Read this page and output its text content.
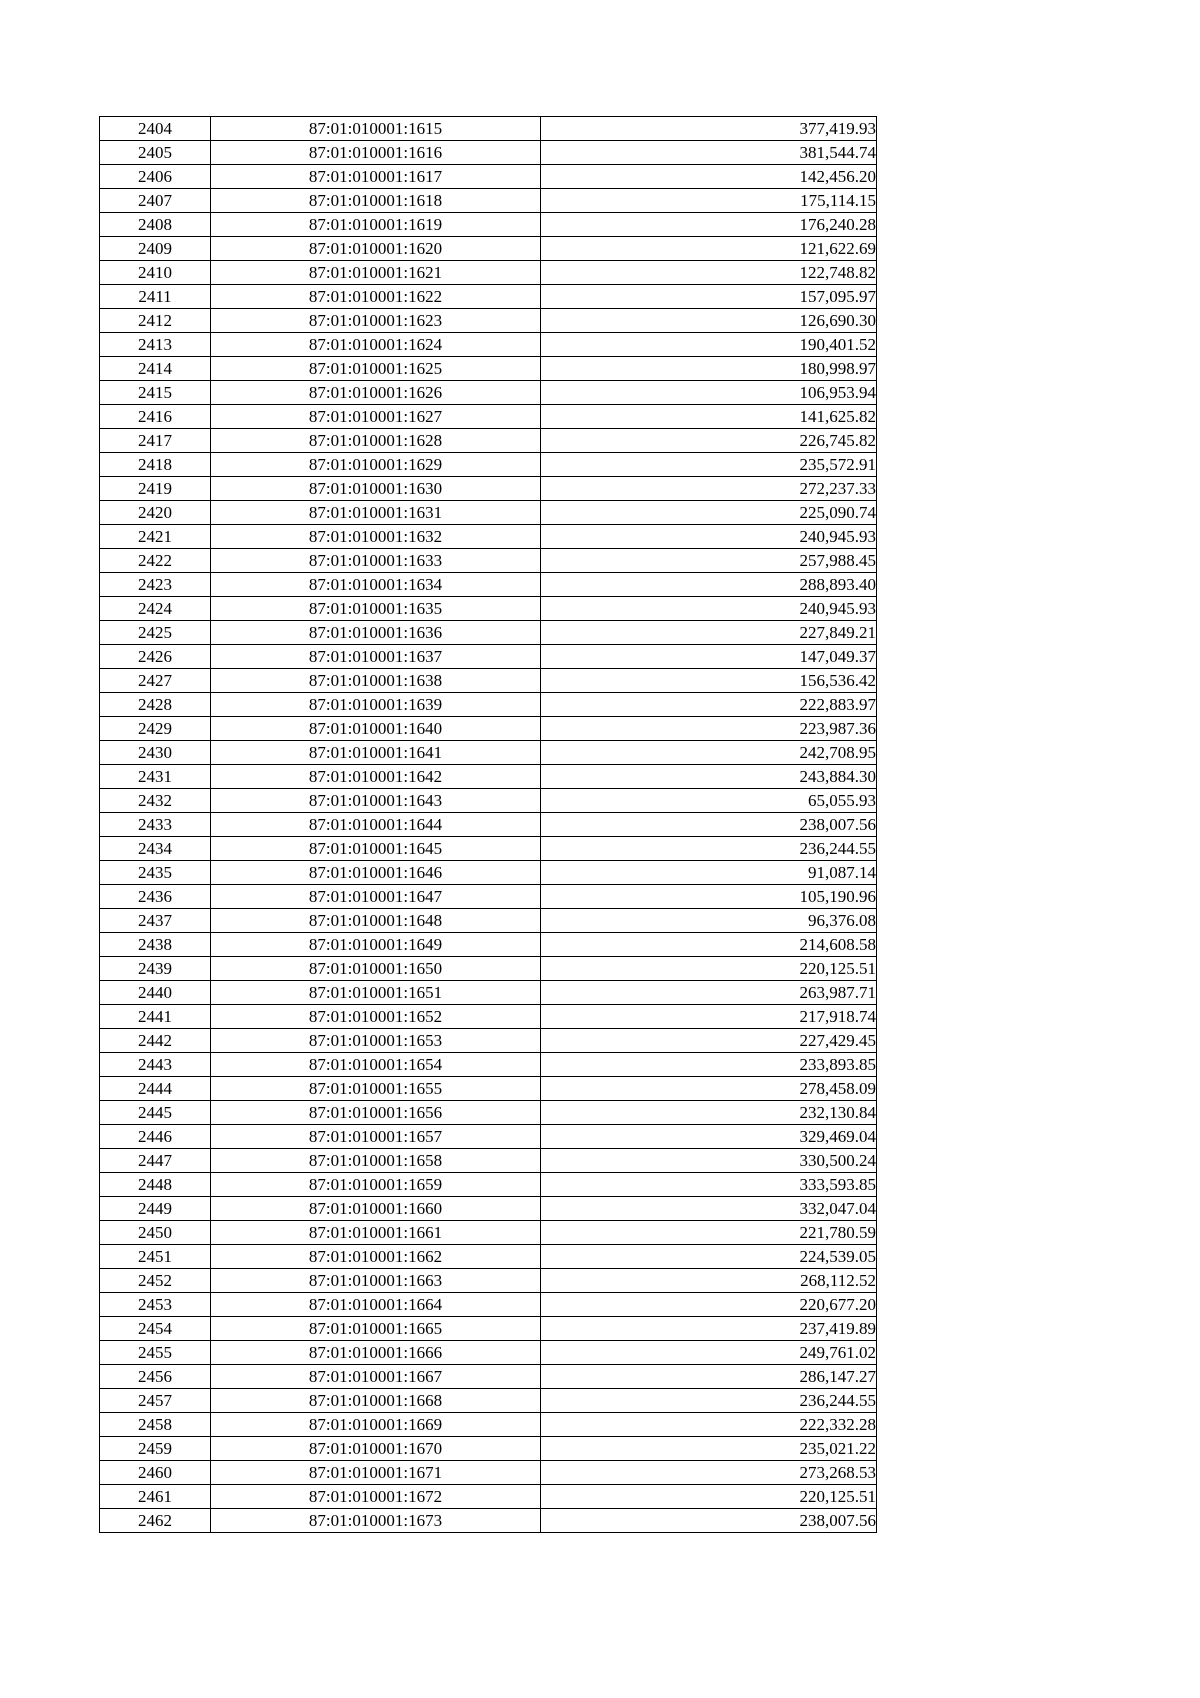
2404	87:01:010001:1615	377,419.93
2405	87:01:010001:1616	381,544.74
2406	87:01:010001:1617	142,456.20
2407	87:01:010001:1618	175,114.15
2408	87:01:010001:1619	176,240.28
2409	87:01:010001:1620	121,622.69
2410	87:01:010001:1621	122,748.82
2411	87:01:010001:1622	157,095.97
2412	87:01:010001:1623	126,690.30
2413	87:01:010001:1624	190,401.52
2414	87:01:010001:1625	180,998.97
2415	87:01:010001:1626	106,953.94
2416	87:01:010001:1627	141,625.82
2417	87:01:010001:1628	226,745.82
2418	87:01:010001:1629	235,572.91
2419	87:01:010001:1630	272,237.33
2420	87:01:010001:1631	225,090.74
2421	87:01:010001:1632	240,945.93
2422	87:01:010001:1633	257,988.45
2423	87:01:010001:1634	288,893.40
2424	87:01:010001:1635	240,945.93
2425	87:01:010001:1636	227,849.21
2426	87:01:010001:1637	147,049.37
2427	87:01:010001:1638	156,536.42
2428	87:01:010001:1639	222,883.97
2429	87:01:010001:1640	223,987.36
2430	87:01:010001:1641	242,708.95
2431	87:01:010001:1642	243,884.30
2432	87:01:010001:1643	65,055.93
2433	87:01:010001:1644	238,007.56
2434	87:01:010001:1645	236,244.55
2435	87:01:010001:1646	91,087.14
2436	87:01:010001:1647	105,190.96
2437	87:01:010001:1648	96,376.08
2438	87:01:010001:1649	214,608.58
2439	87:01:010001:1650	220,125.51
2440	87:01:010001:1651	263,987.71
2441	87:01:010001:1652	217,918.74
2442	87:01:010001:1653	227,429.45
2443	87:01:010001:1654	233,893.85
2444	87:01:010001:1655	278,458.09
2445	87:01:010001:1656	232,130.84
2446	87:01:010001:1657	329,469.04
2447	87:01:010001:1658	330,500.24
2448	87:01:010001:1659	333,593.85
2449	87:01:010001:1660	332,047.04
2450	87:01:010001:1661	221,780.59
2451	87:01:010001:1662	224,539.05
2452	87:01:010001:1663	268,112.52
2453	87:01:010001:1664	220,677.20
2454	87:01:010001:1665	237,419.89
2455	87:01:010001:1666	249,761.02
2456	87:01:010001:1667	286,147.27
2457	87:01:010001:1668	236,244.55
2458	87:01:010001:1669	222,332.28
2459	87:01:010001:1670	235,021.22
2460	87:01:010001:1671	273,268.53
2461	87:01:010001:1672	220,125.51
2462	87:01:010001:1673	238,007.56
